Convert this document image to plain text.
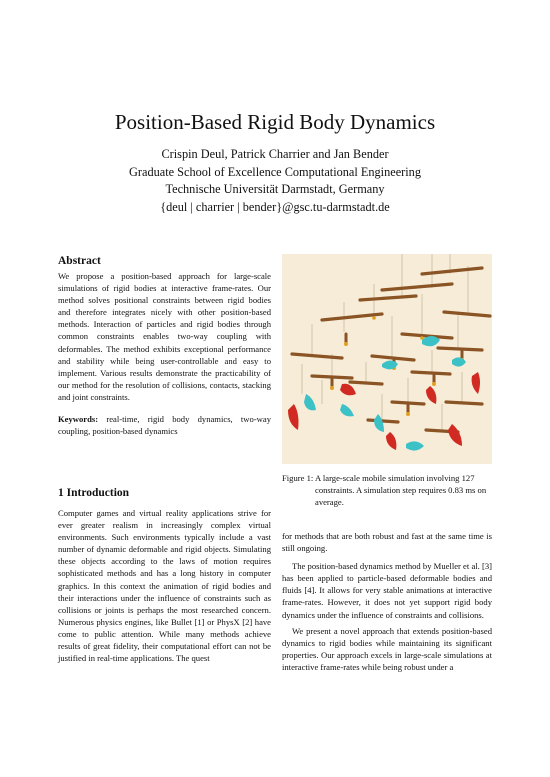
Position-Based Rigid Body Dynamics
Crispin Deul, Patrick Charrier and Jan Bender
Graduate School of Excellence Computational Engineering
Technische Universität Darmstadt, Germany
{deul | charrier | bender}@gsc.tu-darmstadt.de
Abstract

We propose a position-based approach for large-scale simulations of rigid bodies at interactive frame-rates. Our method solves positional constraints between rigid bodies and therefore integrates nicely with other position-based methods. Interaction of particles and rigid bodies through common constraints enables two-way coupling with deformables. The method exhibits exceptional performance and stability while being user-controllable and easy to implement. Various results demonstrate the practicability of our method for the resolution of collisions, contacts, stacking and joint constraints.

Keywords: real-time, rigid body dynamics, two-way coupling, position-based dynamics

1 Introduction

Computer games and virtual reality applications strive for ever greater realism in increasingly complex virtual environments. Such environments typically include a vast number of dynamic deformable and rigid objects. Simulating these objects according to the laws of motion requires sophisticated methods and has a long history in computer graphics. In this context the animation of rigid bodies and their interactions under the influence of constraints such as collisions or joints is perhaps the most researched concern. Numerous physics engines, like Bullet [1] or PhysX [2] have come to public attention. While many methods achieve results of great fidelity, their computational effort can not be justified in real-time applications. The quest

Figure 1: A large-scale mobile simulation involving 127 constraints. A simulation step requires 0.83 ms on average.

for methods that are both robust and fast at the same time is still ongoing.

The position-based dynamics method by Mueller et al. [3] has been applied to particle-based deformable bodies and fluids [4]. It allows for very stable animations at interactive frame-rates. However, it does not yet support rigid body dynamics under the influence of constraints and collisions.

We present a novel approach that extends position-based dynamics to rigid bodies while maintaining its significant properties. Our approach excels in large-scale simulations at interactive frame-rates while being robust under a
